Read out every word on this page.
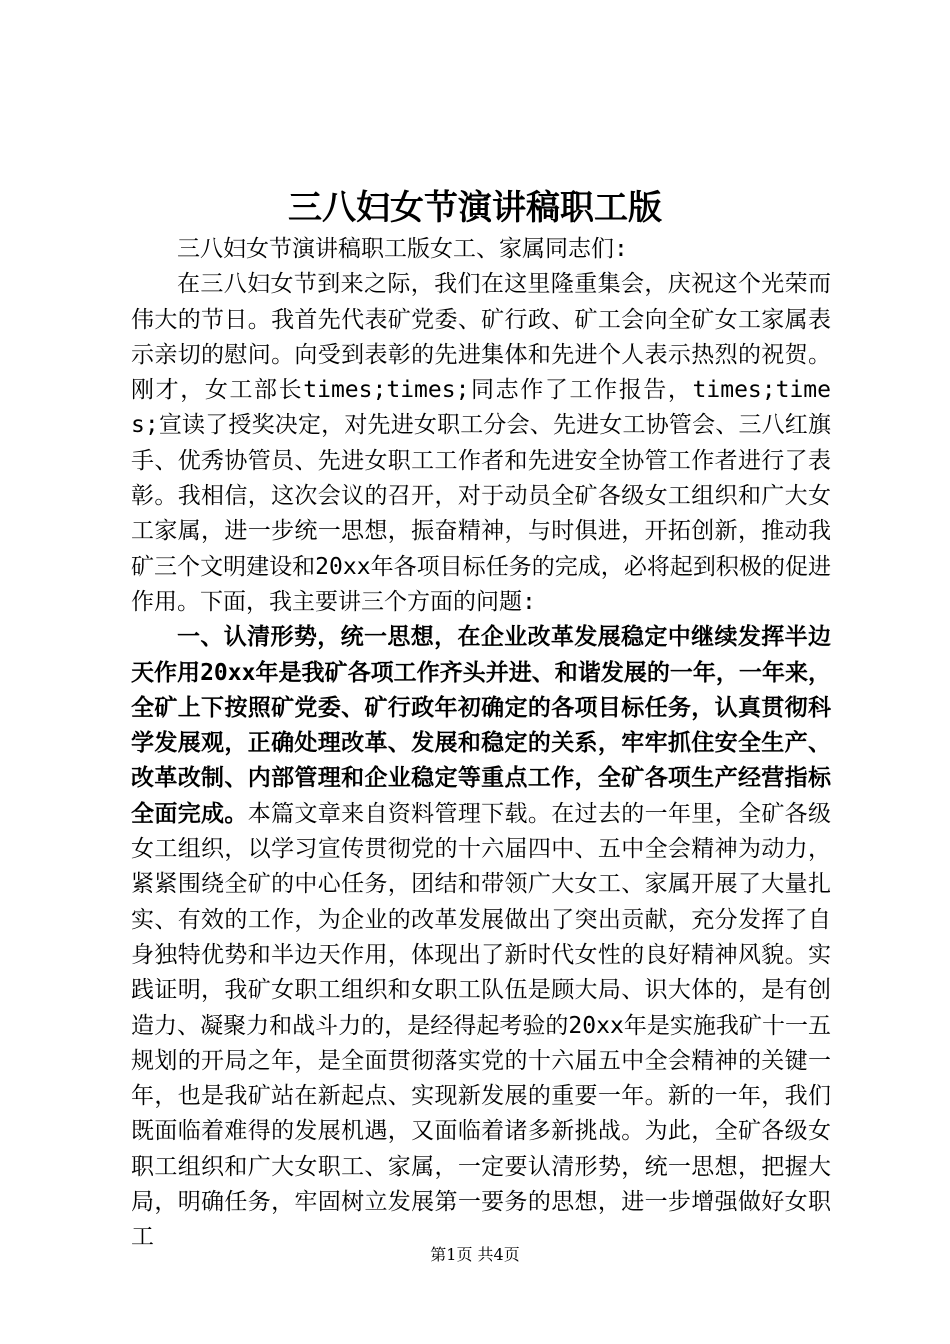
三八妇女节演讲稿职工版

三八妇女节演讲稿职工版女工、家属同志们:

在三八妇女节到来之际，我们在这里隆重集会，庆祝这个光荣而伟大的节日。我首先代表矿党委、矿行政、矿工会向全矿女工家属表示亲切的慰问。向受到表彰的先进集体和先进个人表示热烈的祝贺。刚才，女工部长times;times;同志作了工作报告，times;times;宣读了授奖决定，对先进女职工分会、先进女工协管会、三八红旗手、优秀协管员、先进女职工工作者和先进安全协管工作者进行了表彰。我相信，这次会议的召开，对于动员全矿各级女工组织和广大女工家属，进一步统一思想，振奋精神，与时俱进，开拓创新，推动我矿三个文明建设和20xx年各项目标任务的完成，必将起到积极的促进作用。下面，我主要讲三个方面的问题:

一、认清形势，统一思想，在企业改革发展稳定中继续发挥半边天作用20xx年是我矿各项工作齐头并进、和谐发展的一年，一年来，全矿上下按照矿党委、矿行政年初确定的各项目标任务，认真贯彻科学发展观，正确处理改革、发展和稳定的关系，牢牢抓住安全生产、改革改制、内部管理和企业稳定等重点工作，全矿各项生产经营指标全面完成。本篇文章来自资料管理下载。在过去的一年里，全矿各级女工组织，以学习宣传贯彻党的十六届四中、五中全会精神为动力，紧紧围绕全矿的中心任务，团结和带领广大女工、家属开展了大量扎实、有效的工作，为企业的改革发展做出了突出贡献，充分发挥了自身独特优势和半边天作用，体现出了新时代女性的良好精神风貌。实践证明，我矿女职工组织和女职工队伍是顾大局、识大体的，是有创造力、凝聚力和战斗力的，是经得起考验的20xx年是实施我矿十一五规划的开局之年，是全面贯彻落实党的十六届五中全会精神的关键一年，也是我矿站在新起点、实现新发展的重要一年。新的一年，我们既面临着难得的发展机遇，又面临着诸多新挑战。为此，全矿各级女职工组织和广大女职工、家属，一定要认清形势，统一思想，把握大局，明确任务，牢固树立发展第一要务的思想，进一步增强做好女职工

第1页 共4页
